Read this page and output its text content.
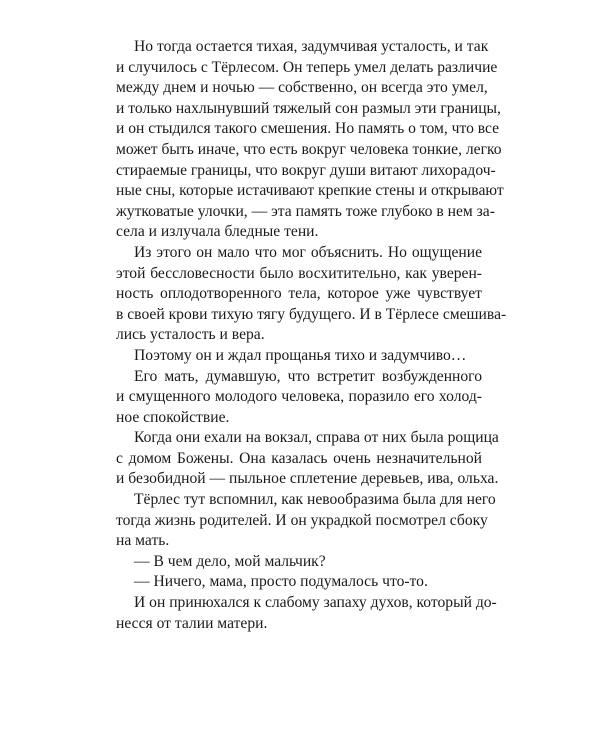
Но тогда остается тихая, задумчивая усталость, и так
и случилось с Тёрлесом. Он теперь умел делать различие
между днем и ночью — собственно, он всегда это умел,
и только нахлынувший тяжелый сон размыл эти границы,
и он стыдился такого смешения. Но память о том, что все
может быть иначе, что есть вокруг человека тонкие, легко
стираемые границы, что вокруг души витают лихорадоч-
ные сны, которые истачивают крепкие стены и открывают
жутковатые улочки, — эта память тоже глубоко в нем за-
села и излучала бледные тени.
Из этого он мало что мог объяснить. Но ощущение
этой бессловесности было восхитительно, как уверен-
ность оплодотворенного тела, которое уже чувствует
в своей крови тихую тягу будущего. И в Тёрлесе смешива-
лись усталость и вера.
Поэтому он и ждал прощанья тихо и задумчиво…
Его мать, думавшую, что встретит возбужденного
и смущенного молодого человека, поразило его холод-
ное спокойствие.
Когда они ехали на вокзал, справа от них была рощица
с домом Божены. Она казалась очень незначительной
и безобидной — пыльное сплетение деревьев, ива, ольха.
Тёрлес тут вспомнил, как невообразима была для него
тогда жизнь родителей. И он украдкой посмотрел сбоку
на мать.
— В чем дело, мой мальчик?
— Ничего, мама, просто подумалось что-то.
И он принюхался к слабому запаху духов, который до-
несся от талии матери.
